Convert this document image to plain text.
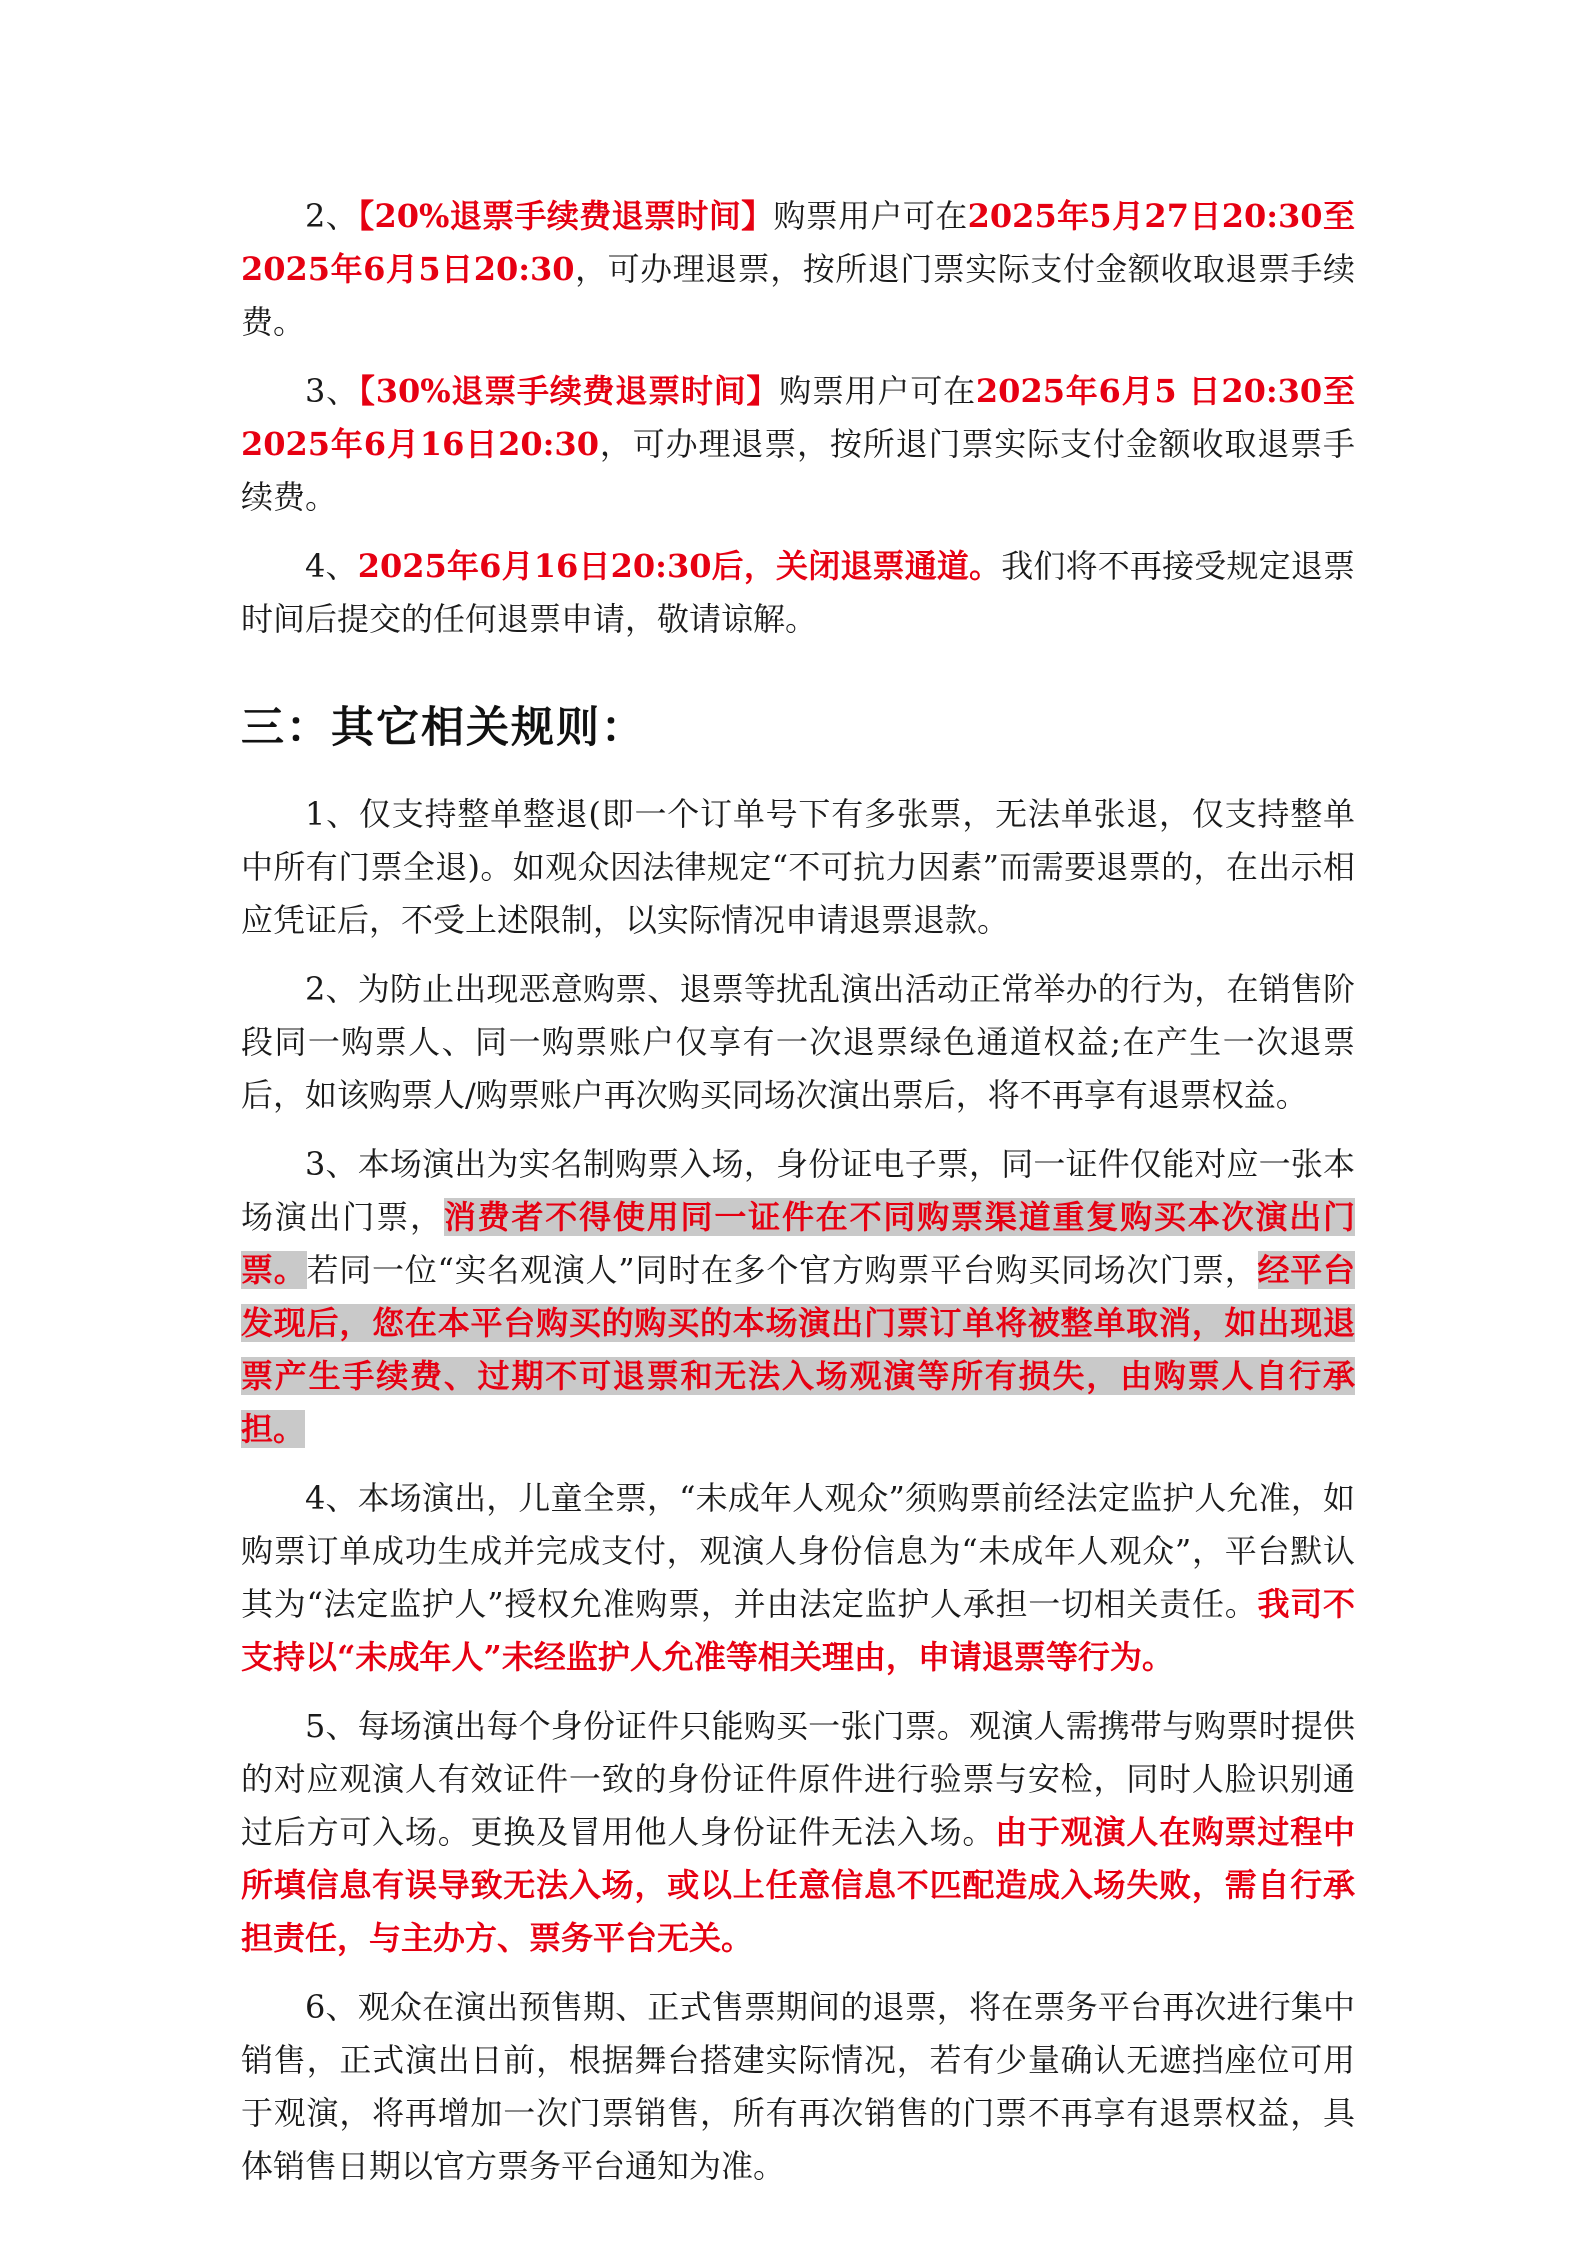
2、【20%退票手续费退票时间】购票用户可在2025年5月27日20:30至2025年6月5日20:30，可办理退票，按所退门票实际支付金额收取退票手续费。

3、【30%退票手续费退票时间】购票用户可在2025年6月5 日20:30至2025年6月16日20:30，可办理退票，按所退门票实际支付金额收取退票手续费。

4、2025年6月16日20:30后，关闭退票通道。我们将不再接受规定退票时间后提交的任何退票申请，敬请谅解。

三：其它相关规则：

1、仅支持整单整退(即一个订单号下有多张票，无法单张退，仅支持整单中所有门票全退)。如观众因法律规定“不可抗力因素”而需要退票的，在出示相应凭证后，不受上述限制，以实际情况申请退票退款。

2、为防止出现恶意购票、退票等扰乱演出活动正常举办的行为，在销售阶段同一购票人、同一购票账户仅享有一次退票绿色通道权益;在产生一次退票后，如该购票人/购票账户再次购买同场次演出票后，将不再享有退票权益。

3、本场演出为实名制购票入场，身份证电子票，同一证件仅能对应一张本场演出门票，消费者不得使用同一证件在不同购票渠道重复购买本次演出门票。若同一位“实名观演人”同时在多个官方购票平台购买同场次门票，经平台发现后，您在本平台购买的购买的本场演出门票订单将被整单取消，如出现退票产生手续费、过期不可退票和无法入场观演等所有损失，由购票人自行承担。

4、本场演出，儿童全票，“未成年人观众”须购票前经法定监护人允准，如购票订单成功生成并完成支付，观演人身份信息为“未成年人观众”，平台默认其为“法定监护人”授权允准购票，并由法定监护人承担一切相关责任。我司不支持以“未成年人”未经监护人允准等相关理由，申请退票等行为。

5、每场演出每个身份证件只能购买一张门票。观演人需携带与购票时提供的对应观演人有效证件一致的身份证件原件进行验票与安检，同时人脸识别通过后方可入场。更换及冒用他人身份证件无法入场。由于观演人在购票过程中所填信息有误导致无法入场，或以上任意信息不匹配造成入场失败，需自行承担责任，与主办方、票务平台无关。

6、观众在演出预售期、正式售票期间的退票，将在票务平台再次进行集中销售，正式演出日前，根据舞台搭建实际情况，若有少量确认无遮挡座位可用于观演，将再增加一次门票销售，所有再次销售的门票不再享有退票权益，具体销售日期以官方票务平台通知为准。
